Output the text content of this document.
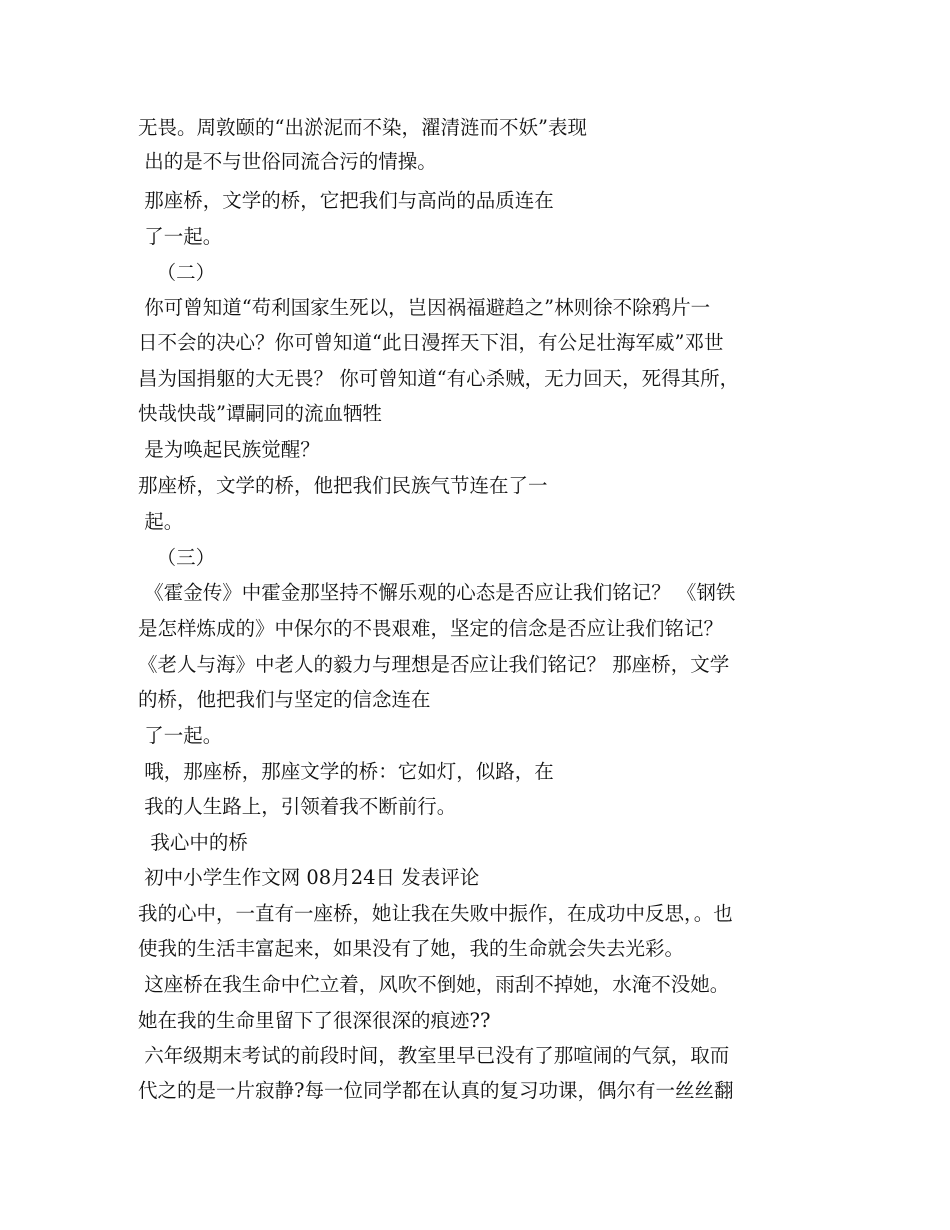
无畏。周敦颐的“出淤泥而不染，濯清涟而不妖”表现
出的是不与世俗同流合污的情操。
那座桥，文学的桥，它把我们与高尚的品质连在
了一起。
（二）
你可曾知道“苟利国家生死以，岂因祸福避趋之”林则徐不除鸦片一
日不会的决心？你可曾知道“此日漫挥天下泪，有公足壮海军威”邓世
昌为国捐躯的大无畏？ 你可曾知道“有心杀贼，无力回天，死得其所，
快哉快哉”谭嗣同的流血牺牲
是为唤起民族觉醒？
那座桥，文学的桥，他把我们民族气节连在了一
起。
（三）
《霍金传》中霍金那坚持不懈乐观的心态是否应让我们铭记？ 《钢铁
是怎样炼成的》中保尔的不畏艰难，坚定的信念是否应让我们铭记？
《老人与海》中老人的毅力与理想是否应让我们铭记？ 那座桥，文学
的桥，他把我们与坚定的信念连在
了一起。
哦，那座桥，那座文学的桥：它如灯，似路，在
我的人生路上，引领着我不断前行。
我心中的桥
初中小学生作文网 08月24日 发表评论
我的心中，一直有一座桥，她让我在失败中振作，在成功中反思，。也
使我的生活丰富起来，如果没有了她，我的生命就会失去光彩。
这座桥在我生命中伫立着，风吹不倒她，雨刮不掉她，水淹不没她。
她在我的生命里留下了很深很深的痕迹??
六年级期末考试的前段时间，教室里早已没有了那喧闹的气氛，取而
代之的是一片寂静?每一位同学都在认真的复习功课，偶尔有一丝丝翻
